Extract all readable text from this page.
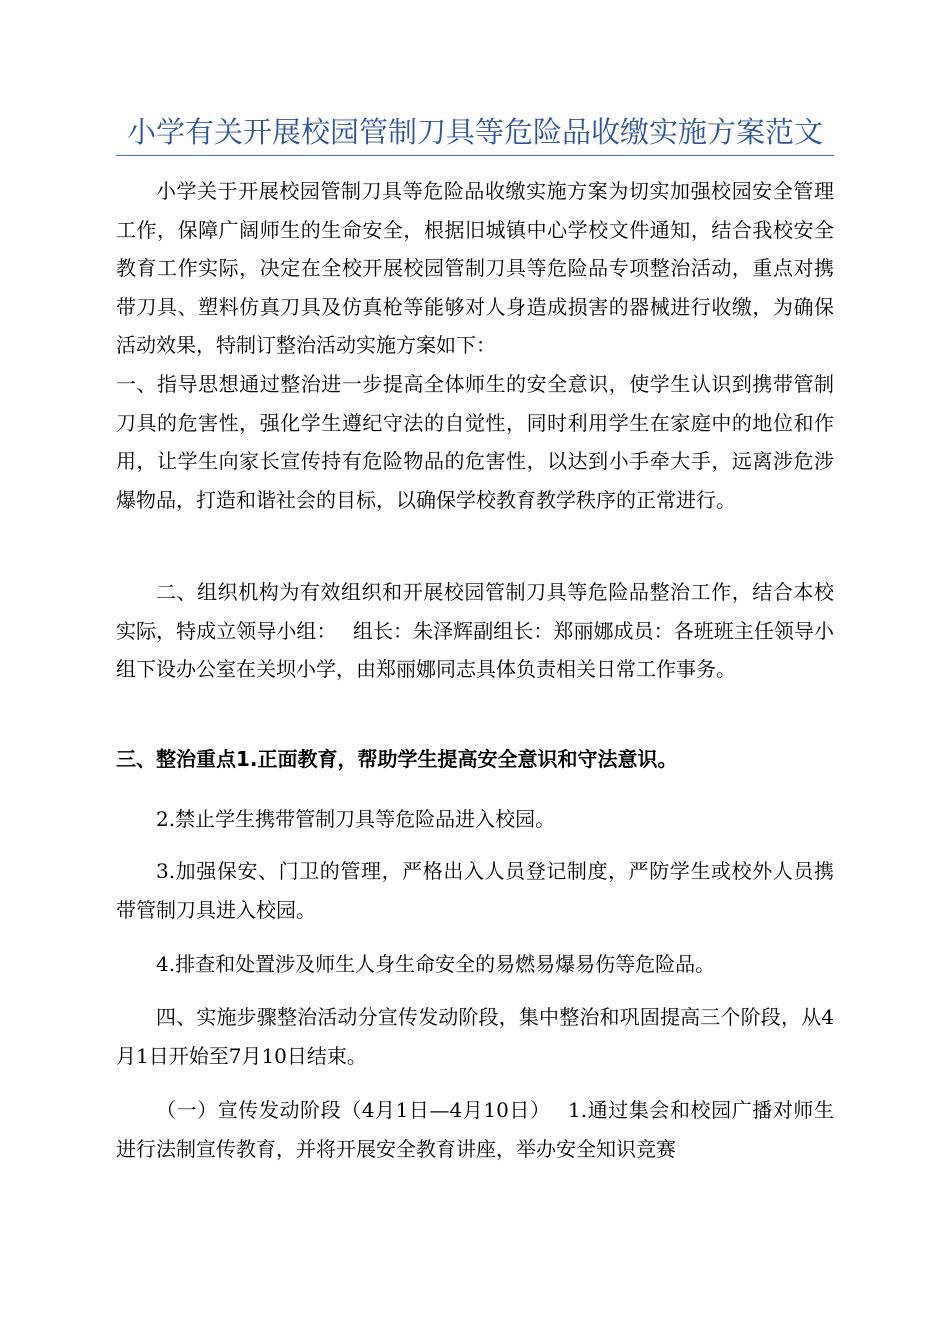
小学有关开展校园管制刀具等危险品收缴实施方案范文
小学关于开展校园管制刀具等危险品收缴实施方案为切实加强校园安全管理工作，保障广阔师生的生命安全，根据旧城镇中心学校文件通知，结合我校安全教育工作实际，决定在全校开展校园管制刀具等危险品专项整治活动，重点对携带刀具、塑料仿真刀具及仿真枪等能够对人身造成损害的器械进行收缴，为确保活动效果，特制订整治活动实施方案如下：
一、指导思想通过整治进一步提高全体师生的安全意识，使学生认识到携带管制刀具的危害性，强化学生遵纪守法的自觉性，同时利用学生在家庭中的地位和作用，让学生向家长宣传持有危险物品的危害性，以达到小手牵大手，远离涉危涉爆物品，打造和谐社会的目标，以确保学校教育教学秩序的正常进行。
二、组织机构为有效组织和开展校园管制刀具等危险品整治工作，结合本校实际，特成立领导小组：　 组长：朱泽辉副组长：郑丽娜成员：各班班主任领导小组下设办公室在关坝小学，由郑丽娜同志具体负责相关日常工作事务。
三、整治重点1.正面教育，帮助学生提高安全意识和守法意识。
2.禁止学生携带管制刀具等危险品进入校园。
3.加强保安、门卫的管理，严格出入人员登记制度，严防学生或校外人员携带管制刀具进入校园。
4.排查和处置涉及师生人身生命安全的易燃易爆易伤等危险品。
四、实施步骤整治活动分宣传发动阶段，集中整治和巩固提高三个阶段，从4月1日开始至7月10日结束。
（一）宣传发动阶段（4月1日—4月10日）　 1.通过集会和校园广播对师生进行法制宣传教育，并将开展安全教育讲座，举办安全知识竞赛
